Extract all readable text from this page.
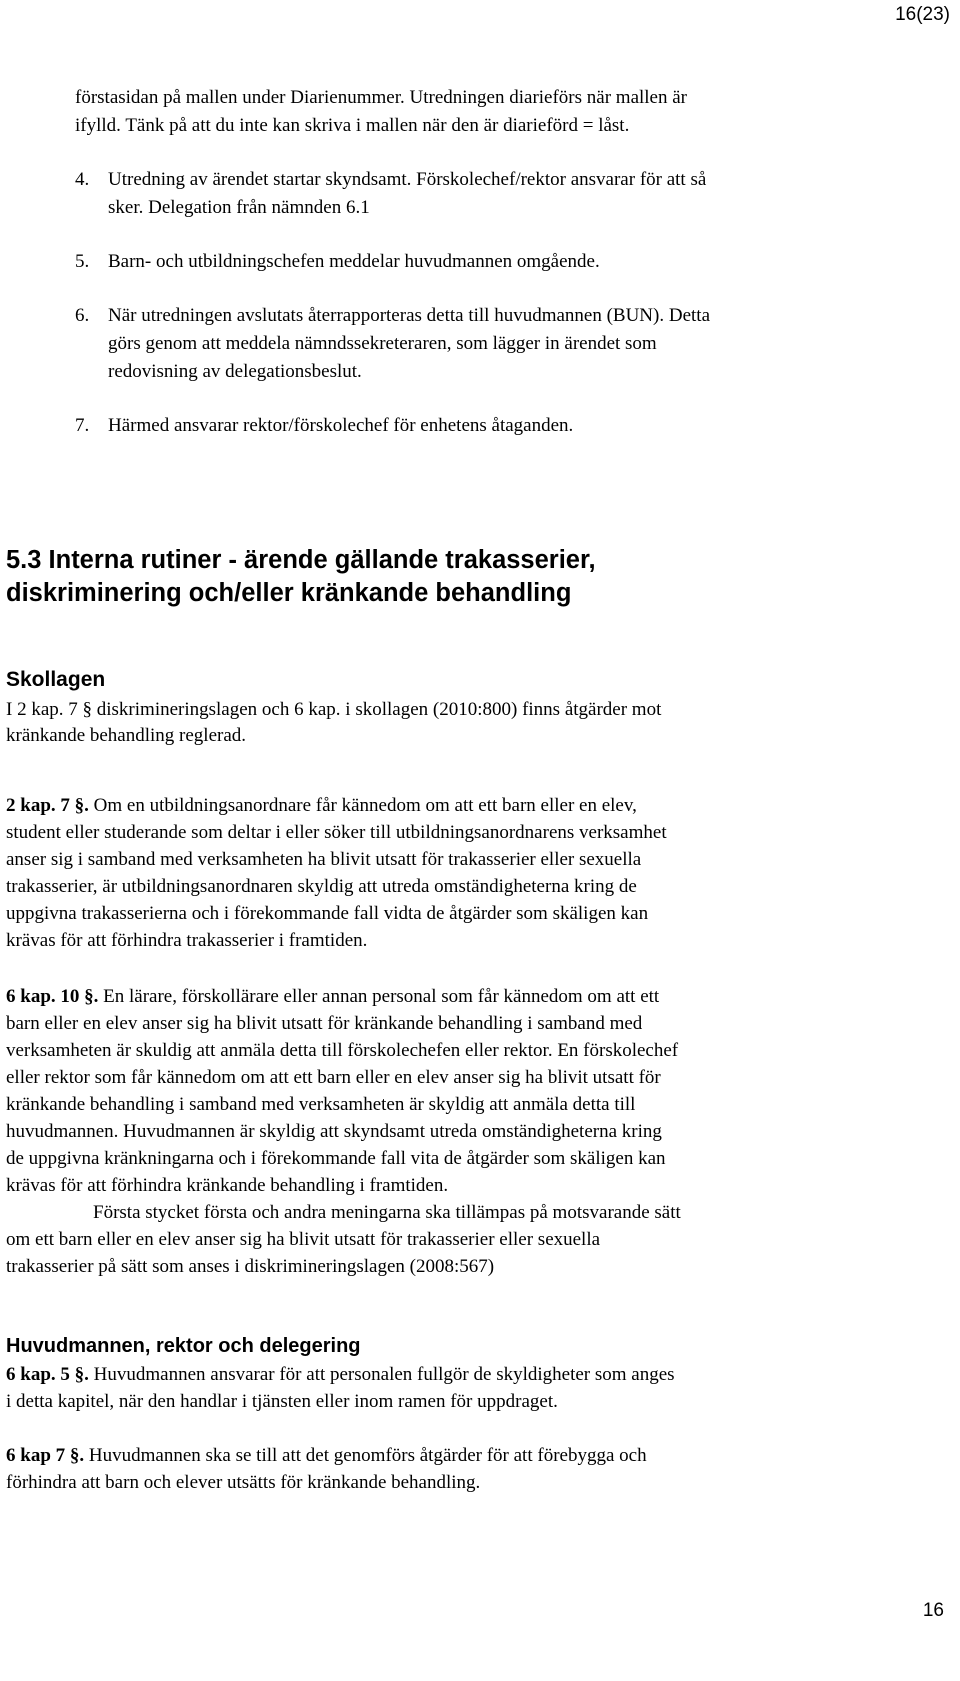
16(23)

förstasidan på mallen under Diarienummer. Utredningen diarieförs när mallen är

ifylld. Tänk på att du inte kan skriva i mallen när den är diarieförd = låst.

4. Utredning av ärendet startar skyndsamt. Förskolechef/rektor ansvarar för att så

sker. Delegation från nämnden 6.1

5. Barn- och utbildningschefen meddelar huvudmannen omgående.

6. När utredningen avslutats återrapporteras detta till huvudmannen (BUN). Detta

görs genom att meddela nämndssekreteraren, som lägger in ärendet som

redovisning av delegationsbeslut.

7. Härmed ansvarar rektor/förskolechef för enhetens åtaganden.

5.3 Interna rutiner - ärende gällande trakasserier,

diskriminering och/eller kränkande behandling

Skollagen

I 2 kap. 7 § diskrimineringslagen och 6 kap. i skollagen (2010:800) finns åtgärder mot

kränkande behandling reglerad.

2 kap. 7 §. Om en utbildningsanordnare får kännedom om att ett barn eller en elev,

student eller studerande som deltar i eller söker till utbildningsanordnarens verksamhet

anser sig i samband med verksamheten ha blivit utsatt för trakasserier eller sexuella

trakasserier, är utbildningsanordnaren skyldig att utreda omständigheterna kring de

uppgivna trakasserierna och i förekommande fall vidta de åtgärder som skäligen kan

krävas för att förhindra trakasserier i framtiden.

6 kap. 10 §. En lärare, förskollärare eller annan personal som får kännedom om att ett

barn eller en elev anser sig ha blivit utsatt för kränkande behandling i samband med

verksamheten är skuldig att anmäla detta till förskolechefen eller rektor. En förskolechef

eller rektor som får kännedom om att ett barn eller en elev anser sig ha blivit utsatt för

kränkande behandling i samband med verksamheten är skyldig att anmäla detta till

huvudmannen. Huvudmannen är skyldig att skyndsamt utreda omständigheterna kring

de uppgivna kränkningarna och i förekommande fall vita de åtgärder som skäligen kan

krävas för att förhindra kränkande behandling i framtiden.

Första stycket första och andra meningarna ska tillämpas på motsvarande sätt

om ett barn eller en elev anser sig ha blivit utsatt för trakasserier eller sexuella

trakasserier på sätt som anses i diskrimineringslagen (2008:567)

Huvudmannen, rektor och delegering

6 kap. 5 §. Huvudmannen ansvarar för att personalen fullgör de skyldigheter som anges

i detta kapitel, när den handlar i tjänsten eller inom ramen för uppdraget.

6 kap 7 §. Huvudmannen ska se till att det genomförs åtgärder för att förebygga och

förhindra att barn och elever utsätts för kränkande behandling.

16
